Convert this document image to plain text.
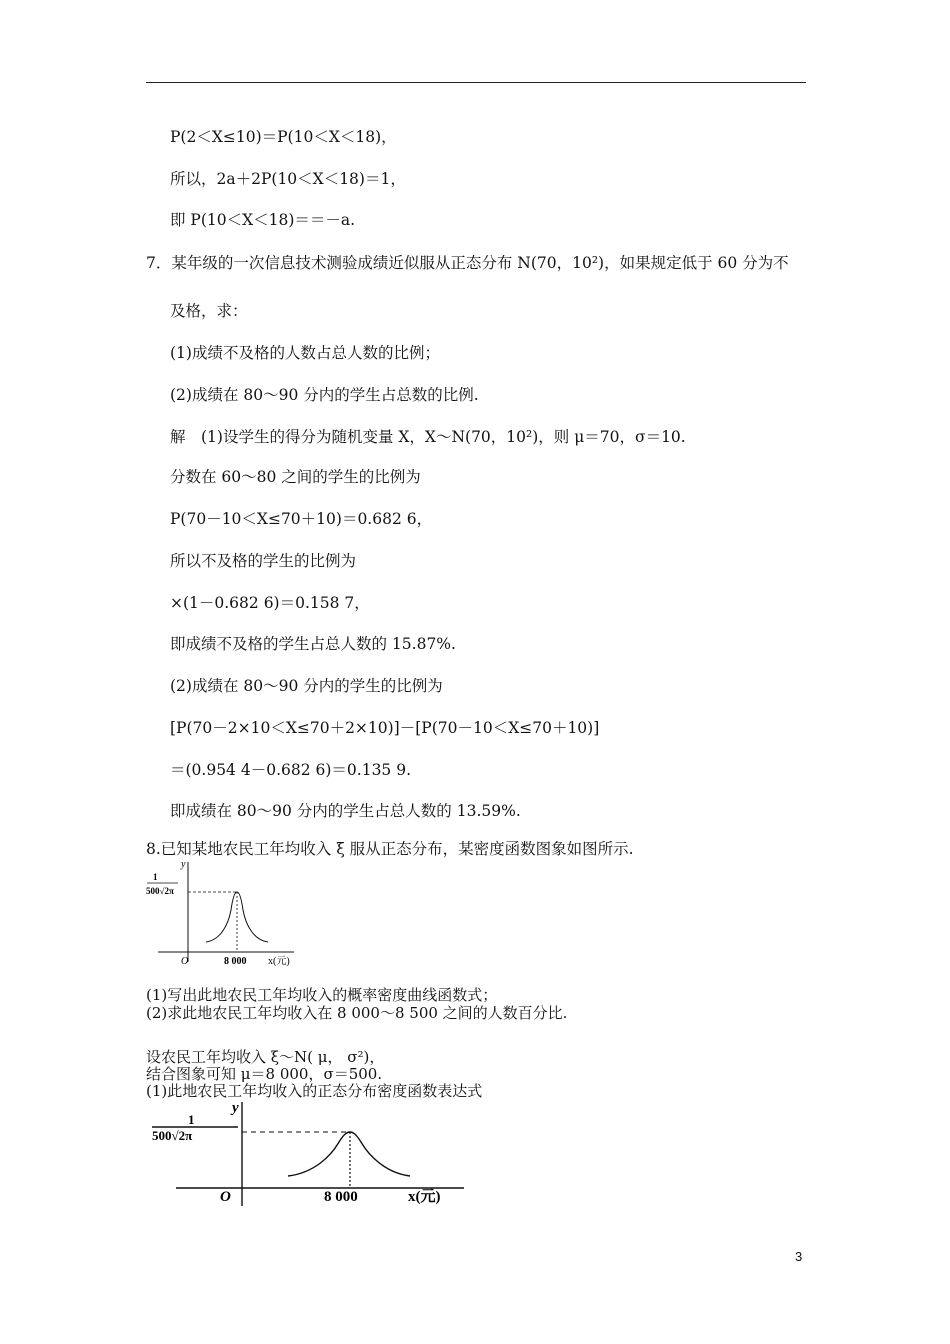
P(2＜X≤10)＝P(10＜X＜18)，
所以，2a＋2P(10＜X＜18)＝1，
即 P(10＜X＜18)＝＝－a.
7．某年级的一次信息技术测验成绩近似服从正态分布 N(70，10²)，如果规定低于 60 分为不
及格，求：
(1)成绩不及格的人数占总人数的比例；
(2)成绩在 80～90 分内的学生占总数的比例.
解　(1)设学生的得分为随机变量 X，X～N(70，10²)，则 μ＝70，σ＝10.
分数在 60～80 之间的学生的比例为
P(70－10＜X≤70＋10)＝0.682 6，
所以不及格的学生的比例为
×(1－0.682 6)＝0.158 7，
即成绩不及格的学生占总人数的 15.87%.
(2)成绩在 80～90 分内的学生的比例为
[P(70－2×10＜X≤70＋2×10)]－[P(70－10＜X≤70＋10)]
＝(0.954 4－0.682 6)＝0.135 9.
即成绩在 80～90 分内的学生占总人数的 13.59%.
8.已知某地农民工年均收入 ξ 服从正态分布，某密度函数图象如图所示.
y
1
500√2π
O	8 000 x(元)
(1)写出此地农民工年均收入的概率密度曲线函数式；
(2)求此地农民工年均收入在 8 000～8 500 之间的人数百分比.
设农民工年均收入 ξ～N( μ， σ²)，
结合图象可知 μ＝8 000，σ＝500.
(1)此地农民工年均收入的正态分布密度函数表达式
y
1
500√2π
O	8 000	x(元)
3
